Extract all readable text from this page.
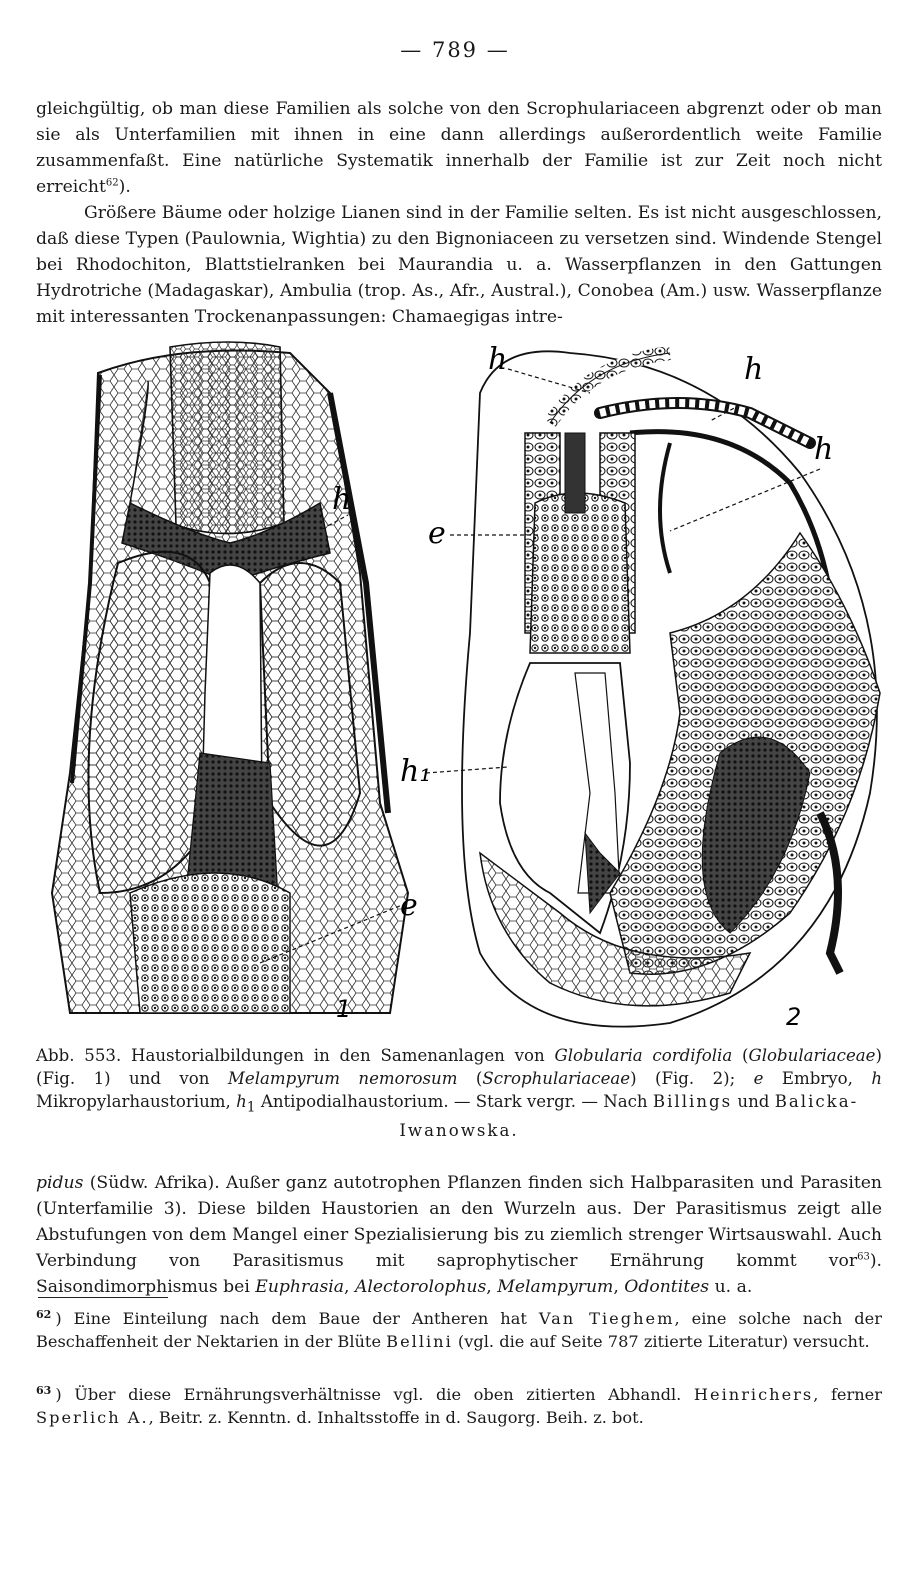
— 789 —

gleichgültig, ob man diese Familien als solche von den Scrophulariaceen abgrenzt oder ob man sie als Unterfamilien mit ihnen in eine dann allerdings außerordentlich weite Familie zusammenfaßt. Eine natürliche Systematik innerhalb der Familie ist zur Zeit noch nicht erreicht$^{62}$).

Größere Bäume oder holzige Lianen sind in der Familie selten. Es ist nicht ausgeschlossen, daß diese Typen (Paulownia, Wightia) zu den Bignoniaceen zu versetzen sind. Windende Stengel bei Rhodochiton, Blattstielranken bei Maurandia u. a. Wasserpflanzen in den Gattungen Hydrotriche (Madagaskar), Ambulia (trop. As., Afr., Austral.), Conobea (Am.) usw. Wasserpflanze mit interessanten Trockenanpassungen: Chamaegigas intre-

h
e
1
h	h
h
e
h₁
2
Abb. 553. Haustorialbildungen in den Samenanlagen von Globularia cordifolia (Globulariaceae) (Fig. 1) und von Melampyrum nemorosum (Scrophulariaceae) (Fig. 2); e Embryo, h Mikropylarhaustorium, $h_1$ Antipodialhaustorium. — Stark vergr. — Nach Billings und Balicka-
Iwanowska.
pidus (Südw. Afrika). Außer ganz autotrophen Pflanzen finden sich Halbparasiten und Parasiten (Unterfamilie 3). Diese bilden Haustorien an den Wurzeln aus. Der Parasitismus zeigt alle Abstufungen von dem Mangel einer Spezialisierung bis zu ziemlich strenger Wirtsauswahl. Auch Verbindung von Parasitismus mit saprophytischer Ernährung kommt vor$^{63}$). Saisondimorphismus bei Euphrasia, Alectorolophus, Melampyrum, Odontites u. a.
$^{62}$ ) Eine Einteilung nach dem Baue der Antheren hat Van Tieghem, eine solche nach der Beschaffenheit der Nektarien in der Blüte Bellini (vgl. die auf Seite 787 zitierte Literatur) versucht.
$^{63}$ ) Über diese Ernährungsverhältnisse vgl. die oben zitierten Abhandl. Heinrichers, ferner Sperlich A., Beitr. z. Kenntn. d. Inhaltsstoffe in d. Saugorg. Beih. z. bot.
